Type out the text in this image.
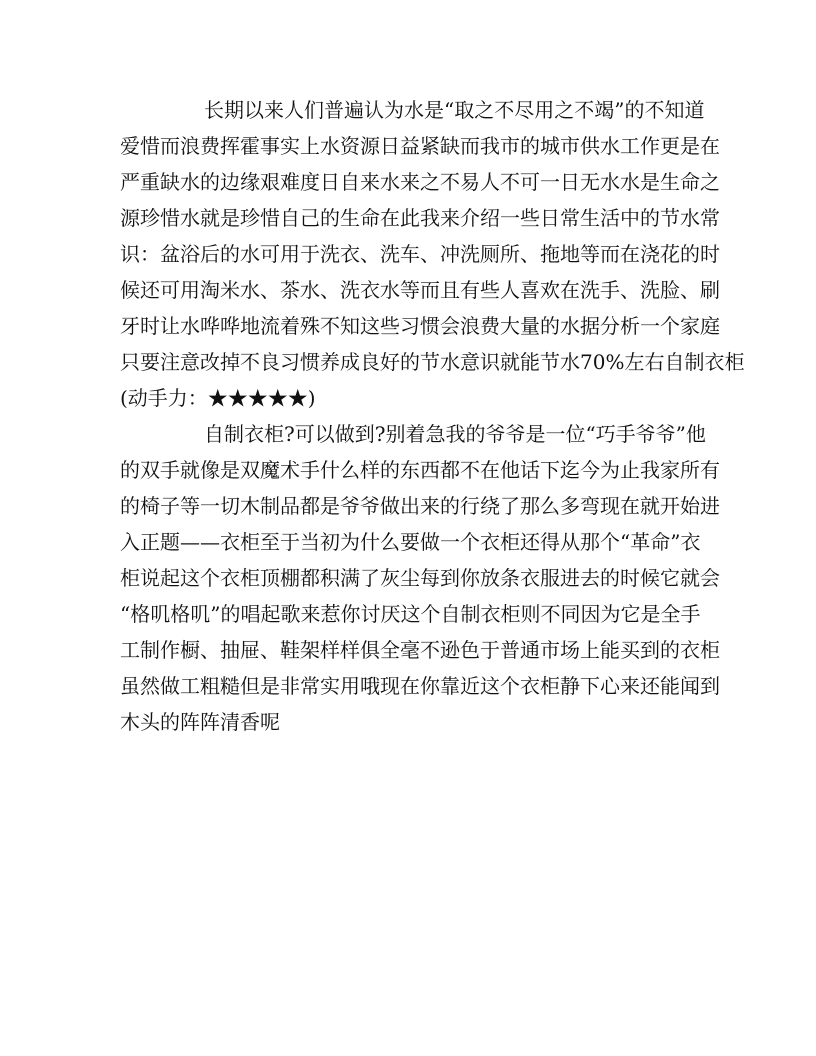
长期以来人们普遍认为水是“取之不尽用之不竭”的不知道
爱惜而浪费挥霍事实上水资源日益紧缺而我市的城市供水工作更是在
严重缺水的边缘艰难度日自来水来之不易人不可一日无水水是生命之
源珍惜水就是珍惜自己的生命在此我来介绍一些日常生活中的节水常
识：盆浴后的水可用于洗衣、洗车、冲洗厕所、拖地等而在浇花的时
候还可用淘米水、茶水、洗衣水等而且有些人喜欢在洗手、洗脸、刷
牙时让水哗哗地流着殊不知这些习惯会浪费大量的水据分析一个家庭
只要注意改掉不良习惯养成良好的节水意识就能节水70%左右自制衣柜
(动手力：★★★★★)

自制衣柜?可以做到?别着急我的爷爷是一位“巧手爷爷”他
的双手就像是双魔术手什么样的东西都不在他话下迄今为止我家所有
的椅子等一切木制品都是爷爷做出来的行绕了那么多弯现在就开始进
入正题——衣柜至于当初为什么要做一个衣柜还得从那个“革命”衣
柜说起这个衣柜顶棚都积满了灰尘每到你放条衣服进去的时候它就会
“格叽格叽”的唱起歌来惹你讨厌这个自制衣柜则不同因为它是全手
工制作橱、抽屉、鞋架样样俱全毫不逊色于普通市场上能买到的衣柜
虽然做工粗糙但是非常实用哦现在你靠近这个衣柜静下心来还能闻到
木头的阵阵清香呢
